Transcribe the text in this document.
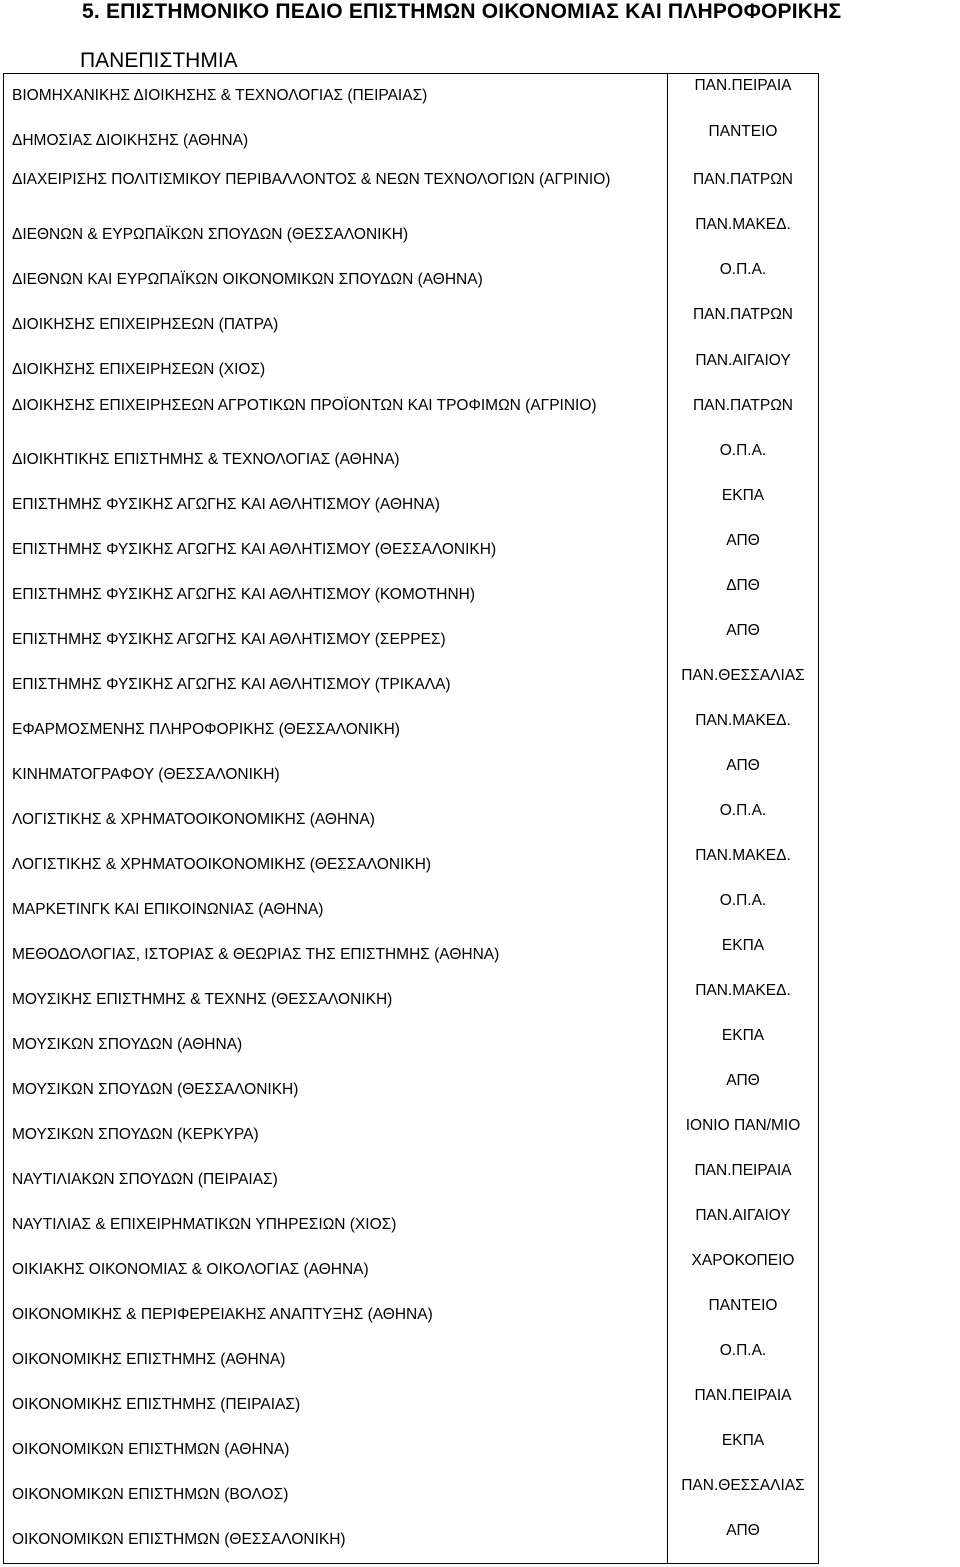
5. ΕΠΙΣΤΗΜΟΝΙΚΟ ΠΕΔΙΟ ΕΠΙΣΤΗΜΩΝ ΟΙΚΟΝΟΜΙΑΣ ΚΑΙ ΠΛΗΡΟΦΟΡΙΚΗΣ
ΠΑΝΕΠΙΣΤΗΜΙΑ
ΒΙΟΜΗΧΑΝΙΚΗΣ ΔΙΟΙΚΗΣΗΣ & ΤΕΧΝΟΛΟΓΙΑΣ (ΠΕΙΡΑΙΑΣ)
ΠΑΝ.ΠΕΙΡΑΙΑ
ΔΗΜΟΣΙΑΣ ΔΙΟΙΚΗΣΗΣ (ΑΘΗΝΑ)
ΠΑΝΤΕΙΟ
ΔΙΑΧΕΙΡΙΣΗΣ ΠΟΛΙΤΙΣΜΙΚΟΥ ΠΕΡΙΒΑΛΛΟΝΤΟΣ & ΝΕΩΝ ΤΕΧΝΟΛΟΓΙΩΝ (ΑΓΡΙΝΙΟ)	ΠΑΝ.ΠΑΤΡΩΝ
ΔΙΕΘΝΩΝ & ΕΥΡΩΠΑΪΚΩΝ ΣΠΟΥΔΩΝ (ΘΕΣΣΑΛΟΝΙΚΗ)
ΠΑΝ.ΜΑΚΕΔ.
ΔΙΕΘΝΩΝ ΚΑΙ ΕΥΡΩΠΑΪΚΩΝ ΟΙΚΟΝΟΜΙΚΩΝ ΣΠΟΥΔΩΝ (ΑΘΗΝΑ)
Ο.Π.Α.
ΔΙΟΙΚΗΣΗΣ ΕΠΙΧΕΙΡΗΣΕΩΝ (ΠΑΤΡΑ)
ΠΑΝ.ΠΑΤΡΩΝ
ΔΙΟΙΚΗΣΗΣ ΕΠΙΧΕΙΡΗΣΕΩΝ (ΧΙΟΣ)
ΠΑΝ.ΑΙΓΑΙΟΥ
ΔΙΟΙΚΗΣΗΣ ΕΠΙΧΕΙΡΗΣΕΩΝ ΑΓΡΟΤΙΚΩΝ ΠΡΟΪΟΝΤΩΝ ΚΑΙ ΤΡΟΦΙΜΩΝ (ΑΓΡΙΝΙΟ)	ΠΑΝ.ΠΑΤΡΩΝ
ΔΙΟΙΚΗΤΙΚΗΣ ΕΠΙΣΤΗΜΗΣ & ΤΕΧΝΟΛΟΓΙΑΣ (ΑΘΗΝΑ)
Ο.Π.Α.
ΕΠΙΣΤΗΜΗΣ ΦΥΣΙΚΗΣ ΑΓΩΓΗΣ ΚΑΙ ΑΘΛΗΤΙΣΜΟΥ (ΑΘΗΝΑ)
ΕΚΠΑ
ΕΠΙΣΤΗΜΗΣ ΦΥΣΙΚΗΣ ΑΓΩΓΗΣ ΚΑΙ ΑΘΛΗΤΙΣΜΟΥ (ΘΕΣΣΑΛΟΝΙΚΗ)
ΑΠΘ
ΕΠΙΣΤΗΜΗΣ ΦΥΣΙΚΗΣ ΑΓΩΓΗΣ ΚΑΙ ΑΘΛΗΤΙΣΜΟΥ (ΚΟΜΟΤΗΝΗ)
ΔΠΘ
ΕΠΙΣΤΗΜΗΣ ΦΥΣΙΚΗΣ ΑΓΩΓΗΣ ΚΑΙ ΑΘΛΗΤΙΣΜΟΥ (ΣΕΡΡΕΣ)
ΑΠΘ
ΕΠΙΣΤΗΜΗΣ ΦΥΣΙΚΗΣ ΑΓΩΓΗΣ ΚΑΙ ΑΘΛΗΤΙΣΜΟΥ (ΤΡΙΚΑΛΑ)
ΠΑΝ.ΘΕΣΣΑΛΙΑΣ
ΕΦΑΡΜΟΣΜΕΝΗΣ ΠΛΗΡΟΦΟΡΙΚΗΣ (ΘΕΣΣΑΛΟΝΙΚΗ)
ΠΑΝ.ΜΑΚΕΔ.
ΚΙΝΗΜΑΤΟΓΡΑΦΟΥ (ΘΕΣΣΑΛΟΝΙΚΗ)
ΑΠΘ
ΛΟΓΙΣΤΙΚΗΣ & ΧΡΗΜΑΤΟΟΙΚΟΝΟΜΙΚΗΣ (ΑΘΗΝΑ)
Ο.Π.Α.
ΛΟΓΙΣΤΙΚΗΣ & ΧΡΗΜΑΤΟΟΙΚΟΝΟΜΙΚΗΣ (ΘΕΣΣΑΛΟΝΙΚΗ)
ΠΑΝ.ΜΑΚΕΔ.
ΜΑΡΚΕΤΙΝΓΚ ΚΑΙ ΕΠΙΚΟΙΝΩΝΙΑΣ (ΑΘΗΝΑ)
Ο.Π.Α.
ΜΕΘΟΔΟΛΟΓΙΑΣ, ΙΣΤΟΡΙΑΣ & ΘΕΩΡΙΑΣ ΤΗΣ ΕΠΙΣΤΗΜΗΣ (ΑΘΗΝΑ)
ΕΚΠΑ
ΜΟΥΣΙΚΗΣ ΕΠΙΣΤΗΜΗΣ & ΤΕΧΝΗΣ (ΘΕΣΣΑΛΟΝΙΚΗ)
ΠΑΝ.ΜΑΚΕΔ.
ΜΟΥΣΙΚΩΝ ΣΠΟΥΔΩΝ (ΑΘΗΝΑ)
ΕΚΠΑ
ΜΟΥΣΙΚΩΝ ΣΠΟΥΔΩΝ (ΘΕΣΣΑΛΟΝΙΚΗ)
ΑΠΘ
ΜΟΥΣΙΚΩΝ ΣΠΟΥΔΩΝ (ΚΕΡΚΥΡΑ)
ΙΟΝΙΟ ΠΑΝ/ΜΙΟ
ΝΑΥΤΙΛΙΑΚΩΝ ΣΠΟΥΔΩΝ (ΠΕΙΡΑΙΑΣ)
ΠΑΝ.ΠΕΙΡΑΙΑ
ΝΑΥΤΙΛΙΑΣ & ΕΠΙΧΕΙΡΗΜΑΤΙΚΩΝ ΥΠΗΡΕΣΙΩΝ (ΧΙΟΣ)
ΠΑΝ.ΑΙΓΑΙΟΥ
ΟΙΚΙΑΚΗΣ ΟΙΚΟΝΟΜΙΑΣ & ΟΙΚΟΛΟΓΙΑΣ (ΑΘΗΝΑ)
ΧΑΡΟΚΟΠΕΙΟ
ΟΙΚΟΝΟΜΙΚΗΣ & ΠΕΡΙΦΕΡΕΙΑΚΗΣ ΑΝΑΠΤΥΞΗΣ (ΑΘΗΝΑ)
ΠΑΝΤΕΙΟ
ΟΙΚΟΝΟΜΙΚΗΣ ΕΠΙΣΤΗΜΗΣ (ΑΘΗΝΑ)
Ο.Π.Α.
ΟΙΚΟΝΟΜΙΚΗΣ ΕΠΙΣΤΗΜΗΣ (ΠΕΙΡΑΙΑΣ)
ΠΑΝ.ΠΕΙΡΑΙΑ
ΟΙΚΟΝΟΜΙΚΩΝ ΕΠΙΣΤΗΜΩΝ (ΑΘΗΝΑ)
ΕΚΠΑ
ΟΙΚΟΝΟΜΙΚΩΝ ΕΠΙΣΤΗΜΩΝ (ΒΟΛΟΣ)
ΠΑΝ.ΘΕΣΣΑΛΙΑΣ
ΟΙΚΟΝΟΜΙΚΩΝ ΕΠΙΣΤΗΜΩΝ (ΘΕΣΣΑΛΟΝΙΚΗ)
ΑΠΘ
